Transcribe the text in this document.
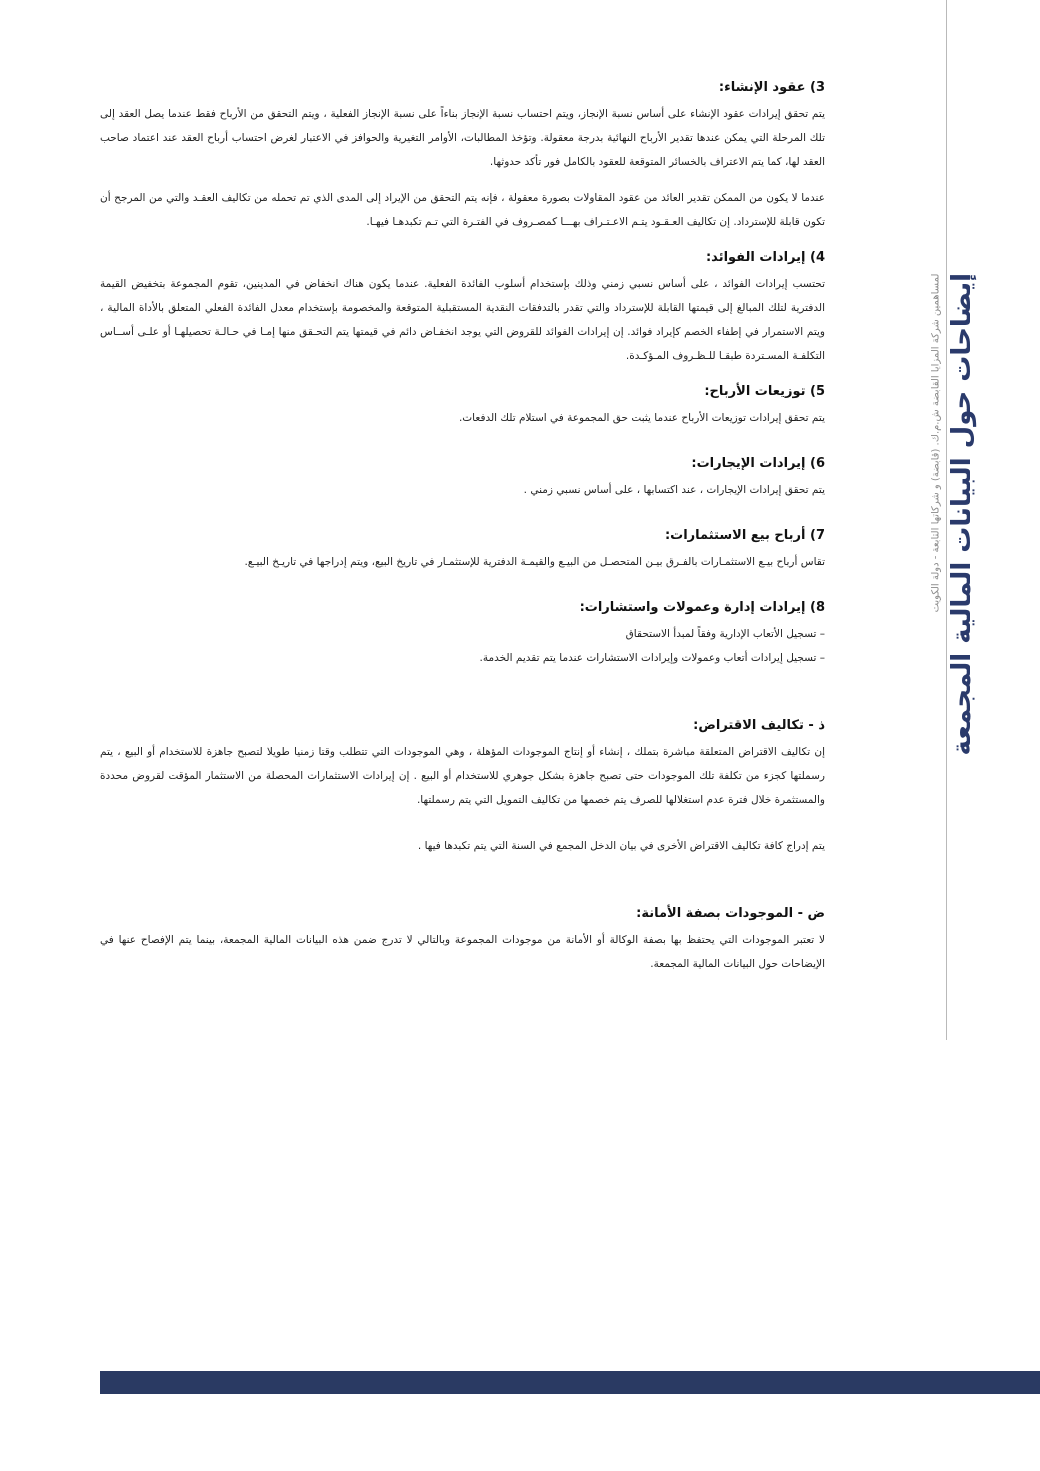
إيضاحات حول البيانات المالية المجمعة
لمساهمين شركة المزايا القابضة ش.م.ك. (قابضة) و شركاتها التابعة - دولة الكويت
3) عقود الإنشاء:

يتم تحقق إيرادات عقود الإنشاء على أساس نسبة الإنجاز، ويتم احتساب نسبة الإنجاز بناءاً على نسبة الإنجاز الفعلية ، ويتم التحقق من الأرباح فقط عندما يصل العقد إلى تلك المرحلة التي يمكن عندها تقدير الأرباح النهائية بدرجة معقولة. وتؤخذ المطالبات، الأوامر التغيرية والحوافز في الاعتبار لغرض احتساب أرباح العقد عند اعتماد صاحب العقد لها، كما يتم الاعتراف بالخسائر المتوقعة للعقود بالكامل فور تأكد حدوثها.

عندما لا يكون من الممكن تقدير العائد من عقود المقاولات بصورة معقولة ، فإنه يتم التحقق من الإيراد إلى المدى الذي تم تحمله من تكاليف العقـد والتي من المرجح أن تكون قابلة للإسترداد. إن تكاليف العـقـود يتـم الاعـتـراف بهـــا كمصـروف في الفتـرة التي تـم تكبدهـا فيهـا.

4) إيرادات الفوائد:

تحتسب إيرادات الفوائد ، على أساس نسبي زمني وذلك بإستخدام أسلوب الفائدة الفعلية. عندما يكون هناك انخفاض في المدينين، تقوم المجموعة بتخفيض القيمة الدفترية لتلك المبالغ إلى قيمتها القابلة للإسترداد والتي تقدر بالتدفقات النقدية المستقبلية المتوقعة والمخصومة بإستخدام معدل الفائدة الفعلي المتعلق بالأداة المالية ، ويتم الاستمرار في إطفاء الخصم كإيراد فوائد. إن إيرادات الفوائد للقروض التي يوجد انخفـاض دائم في قيمتها يتم التحـقق منها إمـا في حـالـة تحصيلهـا أو علـى أســاس التكلفـة المسـتردة طبقـا للـظـروف المـؤكـدة.

5) توزيعات الأرباح:

يتم تحقق إيرادات توزيعات الأرباح عندما يثبت حق المجموعة في استلام تلك الدفعات.

6) إيرادات الإيجارات:

يتم تحقق إيرادات الإيجارات ، عند اكتسابها ، على أساس نسبي زمني .

7) أرباح بيع الاستثمارات:

تقاس أرباح بيـع الاستثمـارات بالفـرق بيـن المتحصـل من البيـع والقيمـة الدفترية للإستثمـار في تاريخ البيع، ويتم إدراجها في تاريـخ البيـع.

8) إيرادات إدارة وعمولات واستشارات:
– تسجيل الأتعاب الإدارية وفقاً لمبدأ الاستحقاق
– تسجيل إيرادات أتعاب وعمولات وإيرادات الاستشارات عندما يتم تقديم الخدمة.
ذ - تكاليف الاقتراض:

إن تكاليف الاقتراض المتعلقة مباشرة بتملك ، إنشاء أو إنتاج الموجودات المؤهلة ، وهي الموجودات التي تتطلب وقتا زمنيا طويلا لتصبح جاهزة للاستخدام أو البيع ، يتم رسملتها كجزء من تكلفة تلك الموجودات حتى تصبح جاهزة بشكل جوهري للاستخدام أو البيع . إن إيرادات الاستثمارات المحصلة من الاستثمار المؤقت لقروض محددة والمستثمرة خلال فترة عدم استغلالها للصرف يتم خصمها من تكاليف التمويل التي يتم رسملتها.

يتم إدراج كافة تكاليف الاقتراض الأخرى في بيان الدخل المجمع في السنة التي يتم تكبدها فيها .

ض - الموجودات بصفة الأمانة:

لا تعتبر الموجودات التي يحتفظ بها بصفة الوكالة أو الأمانة من موجودات المجموعة وبالتالي لا تدرج ضمن هذه البيانات المالية المجمعة، بينما يتم الإفصاح عنها في الإيضاحات حول البيانات المالية المجمعة.
